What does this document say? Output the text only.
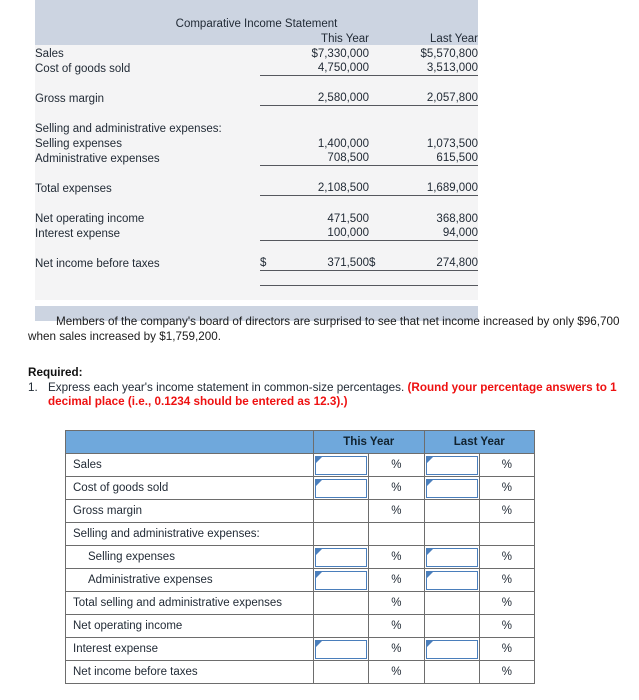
Comparative Income Statement				
		This Year		Last Year
Sales		$7,330,000		$5,570,800
Cost of goods sold		4,750,000		3,513,000

Gross margin		2,580,000		2,057,800

Selling and administrative expenses:				
Selling expenses		1,400,000		1,073,500
Administrative expenses		708,500		615,500

Total expenses		2,108,500		1,689,000

Net operating income		471,500		368,800
Interest expense		100,000		94,000

Net income before taxes	$	371,500	$	274,800

Members of the company's board of directors are surprised to see that net income increased by only $96,700 when sales increased by $1,759,200.
Required:
1. Express each year's income statement in common-size percentages. (Round your percentage answers to 1 decimal place (i.e., 0.1234 should be entered as 12.3).)
	This Year		Last Year	
Sales		%		%
Cost of goods sold		%		%
Gross margin		%		%
Selling and administrative expenses:				
Selling expenses		%		%
Administrative expenses		%		%
Total selling and administrative expenses		%		%
Net operating income		%		%
Interest expense		%		%
Net income before taxes		%		%
